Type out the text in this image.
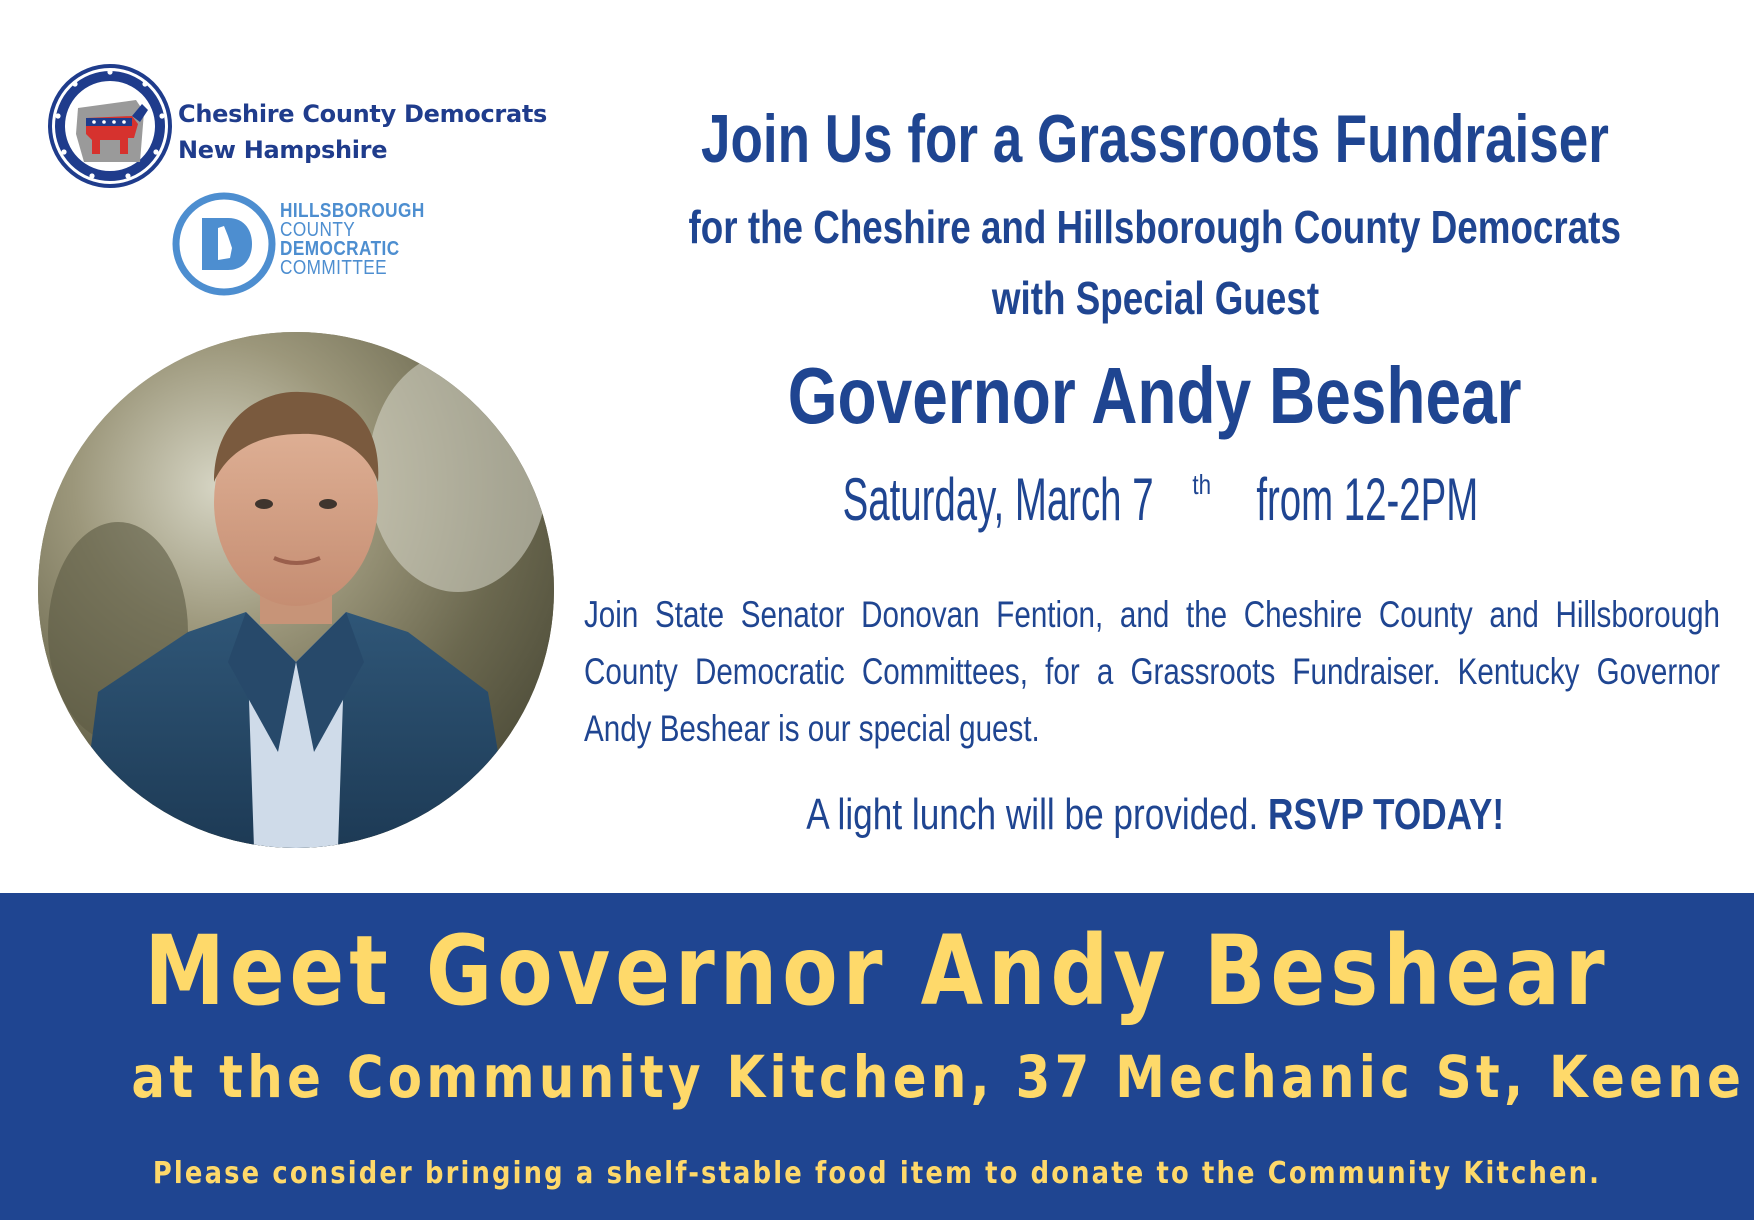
Cheshire County Democrats
New Hampshire
HILLSBOROUGH
COUNTY
DEMOCRATIC
COMMITTEE
Join Us for a Grassroots Fundraiser
for the Cheshire and Hillsborough County Democrats
with Special Guest
Governor Andy Beshear
Saturday, March 7 $^{th}$ from 12-2PM
Join State Senator Donovan Fention, and the Cheshire County and Hillsborough County Democratic Committees, for a Grassroots Fundraiser. Kentucky Governor Andy Beshear is our special guest.
A light lunch will be provided. RSVP TODAY!
Meet Governor Andy Beshear
at the Community Kitchen, 37 Mechanic St, Keene
Please consider bringing a shelf-stable food item to donate to the Community Kitchen.
